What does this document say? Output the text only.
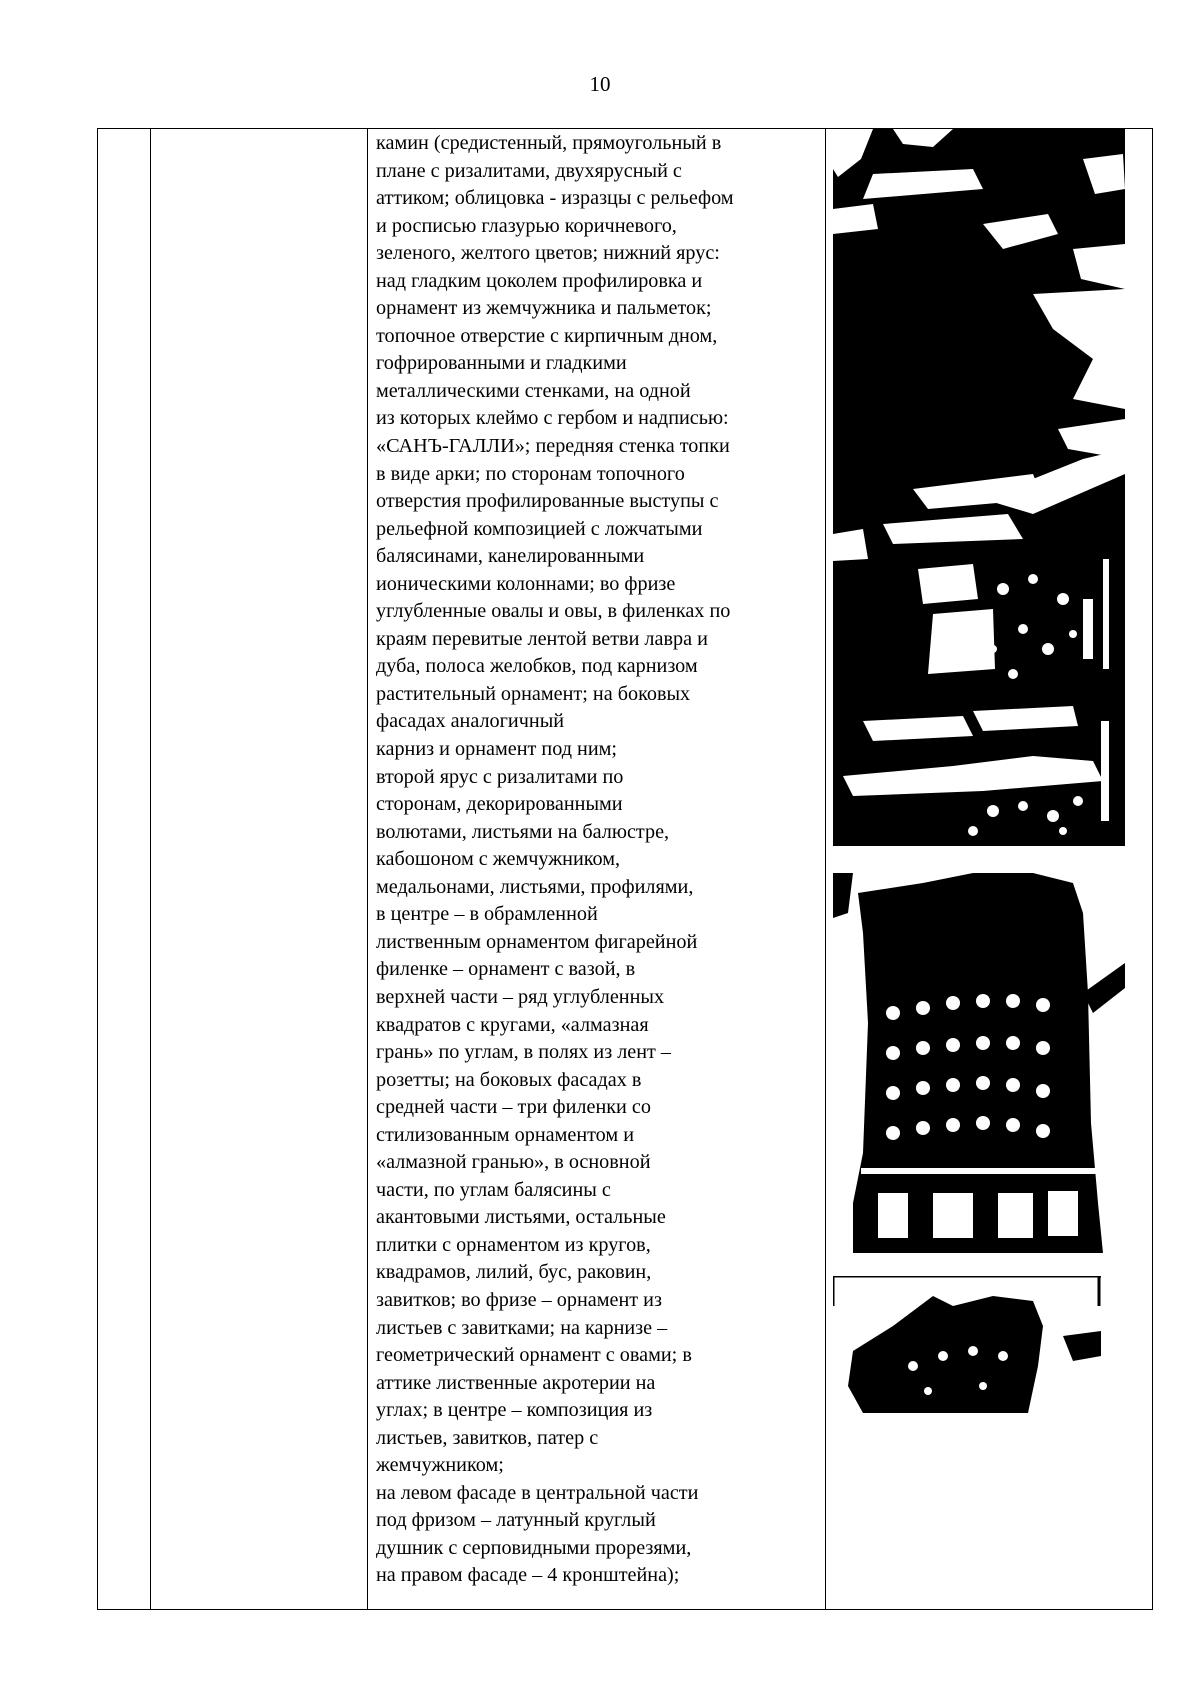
10

камин (средистенный, прямоугольный в
плане с ризалитами, двухярусный с
аттиком; облицовка - изразцы с рельефом
и росписью глазурью коричневого,
зеленого, желтого цветов; нижний ярус:
над гладким цоколем профилировка и
орнамент из жемчужника и пальметок;
топочное отверстие с кирпичным дном,
гофрированными и гладкими
металлическими стенками, на одной
из которых клеймо с гербом и надписью:
«САНЪ-ГАЛЛИ»; передняя стенка топки
в виде арки; по сторонам топочного
отверстия профилированные выступы с
рельефной композицией с ложчатыми
балясинами, канелированными
ионическими колоннами; во фризе
углубленные овалы и овы, в филенках по
краям перевитые лентой ветви лавра и
дуба, полоса желобков, под карнизом
растительный орнамент; на боковых
фасадах аналогичный
карниз и орнамент под ним;
второй ярус с ризалитами по
сторонам, декорированными
волютами, листьями на балюстре,
кабошоном с жемчужником,
медальонами, листьями, профилями,
в центре – в обрамленной
лиственным орнаментом фигарейной
филенке – орнамент с вазой, в
верхней части – ряд углубленных
квадратов с кругами, «алмазная
грань» по углам, в полях из лент –
розетты; на боковых фасадах в
средней части – три филенки со
стилизованным орнаментом и
«алмазной гранью», в основной
части, по углам балясины с
акантовыми листьями, остальные
плитки с орнаментом из кругов,
квадрамов, лилий, бус, раковин,
завитков; во фризе – орнамент из
листьев с завитками; на карнизе –
геометрический орнамент с овами; в
аттике лиственные акротерии на
углах; в центре – композиция из
листьев, завитков, патер с
жемчужником;
на левом фасаде в центральной части
под фризом – латунный круглый
душник с серповидными прорезями,
на правом фасаде – 4 кронштейна);
